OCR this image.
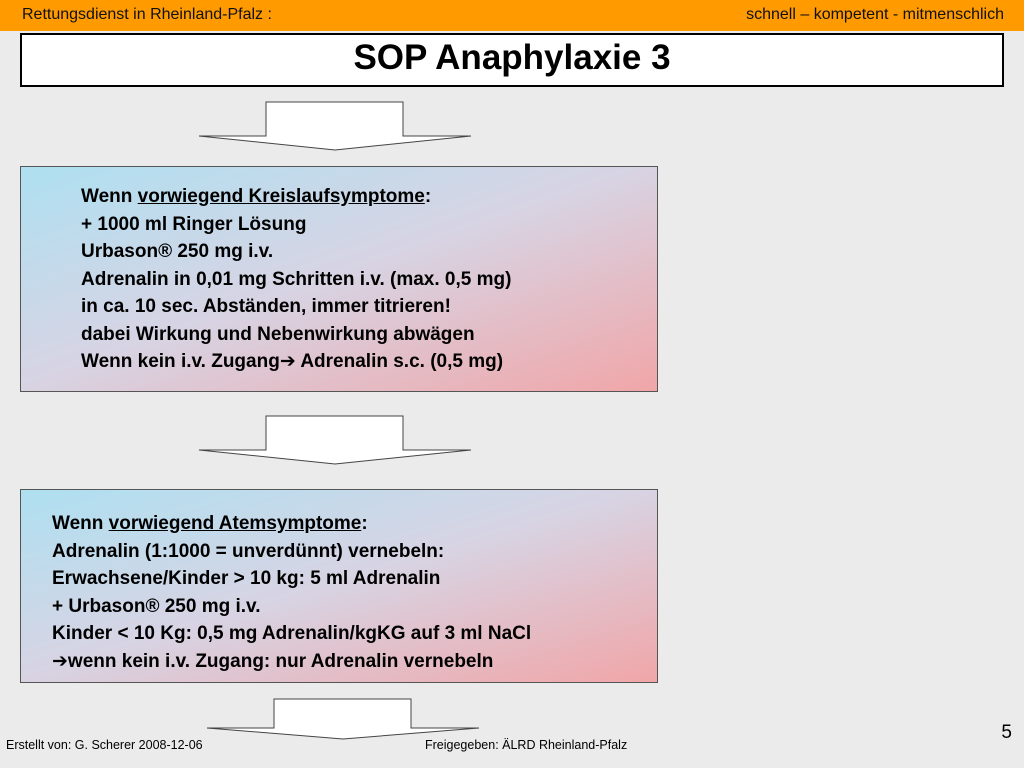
Rettungsdienst in Rheinland-Pfalz :	schnell – kompetent - mitmenschlich
SOP Anaphylaxie 3
Wenn vorwiegend Kreislaufsymptome:
+ 1000 ml Ringer Lösung
Urbason® 250 mg i.v.
Adrenalin in 0,01 mg Schritten i.v. (max. 0,5 mg)
in ca. 10 sec. Abständen, immer titrieren!
dabei Wirkung und Nebenwirkung abwägen
Wenn kein i.v. Zugang➔ Adrenalin s.c. (0,5 mg)
Wenn vorwiegend Atemsymptome:
Adrenalin (1:1000 = unverdünnt) vernebeln:
Erwachsene/Kinder > 10 kg: 5 ml Adrenalin
+ Urbason® 250 mg i.v.
Kinder < 10 Kg: 0,5 mg Adrenalin/kgKG auf 3 ml NaCl
➔wenn kein i.v. Zugang: nur Adrenalin vernebeln
Erstellt von: G. Scherer 2008-12-06	Freigegeben: ÄLRD Rheinland-Pfalz
5
